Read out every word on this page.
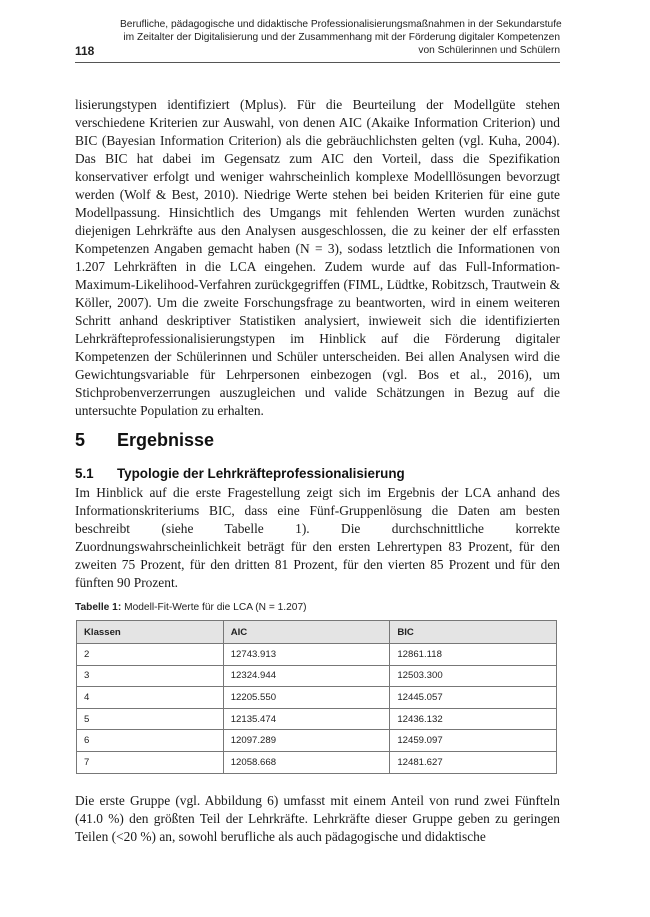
Berufliche, pädagogische und didaktische Professionalisierungsmaßnahmen in der Sekundarstufe
im Zeitalter der Digitalisierung und der Zusammenhang mit der Förderung digitaler Kompetenzen
von Schülerinnen und Schülern
118

lisierungstypen identifiziert (Mplus). Für die Beurteilung der Modellgüte stehen verschiedene Kriterien zur Auswahl, von denen AIC (Akaike Information Criterion) und BIC (Bayesian Information Criterion) als die gebräuchlichsten gelten (vgl. Kuha, 2004). Das BIC hat dabei im Gegensatz zum AIC den Vorteil, dass die Spezifikation konservativer erfolgt und weniger wahrscheinlich komplexe Modelllösungen bevorzugt werden (Wolf & Best, 2010). Niedrige Werte stehen bei beiden Kriterien für eine gute Modellpassung. Hinsichtlich des Umgangs mit fehlenden Werten wurden zunächst diejenigen Lehrkräfte aus den Analysen ausgeschlossen, die zu keiner der elf erfassten Kompetenzen Angaben gemacht haben (N = 3), sodass letztlich die Informationen von 1.207 Lehrkräften in die LCA eingehen. Zudem wurde auf das Full-Information-Maximum-Likelihood-Verfahren zurückgegriffen (FIML, Lüdtke, Robitzsch, Trautwein & Köller, 2007). Um die zweite Forschungsfrage zu beantworten, wird in einem weiteren Schritt anhand deskriptiver Statistiken analysiert, inwieweit sich die identifizierten Lehrkräfteprofessionalisierungstypen im Hinblick auf die Förderung digitaler Kompetenzen der Schülerinnen und Schüler unterscheiden. Bei allen Analysen wird die Gewichtungsvariable für Lehrpersonen einbezogen (vgl. Bos et al., 2016), um Stichprobenverzerrungen auszugleichen und valide Schätzungen in Bezug auf die untersuchte Population zu erhalten.

5 Ergebnisse
5.1 Typologie der Lehrkräfteprofessionalisierung

Im Hinblick auf die erste Fragestellung zeigt sich im Ergebnis der LCA anhand des Informationskriteriums BIC, dass eine Fünf-Gruppenlösung die Daten am besten beschreibt (siehe Tabelle 1). Die durchschnittliche korrekte Zuordnungswahrscheinlichkeit beträgt für den ersten Lehrertypen 83 Prozent, für den zweiten 75 Prozent, für den dritten 81 Prozent, für den vierten 85 Prozent und für den fünften 90 Prozent.

Tabelle 1: Modell-Fit-Werte für die LCA (N = 1.207)
Klassen	AIC	BIC
2	12743.913	12861.118
3	12324.944	12503.300
4	12205.550	12445.057
5	12135.474	12436.132
6	12097.289	12459.097
7	12058.668	12481.627

Die erste Gruppe (vgl. Abbildung 6) umfasst mit einem Anteil von rund zwei Fünfteln (41.0 %) den größten Teil der Lehrkräfte. Lehrkräfte dieser Gruppe geben zu geringen Teilen (<20 %) an, sowohl berufliche als auch pädagogische und didaktische
